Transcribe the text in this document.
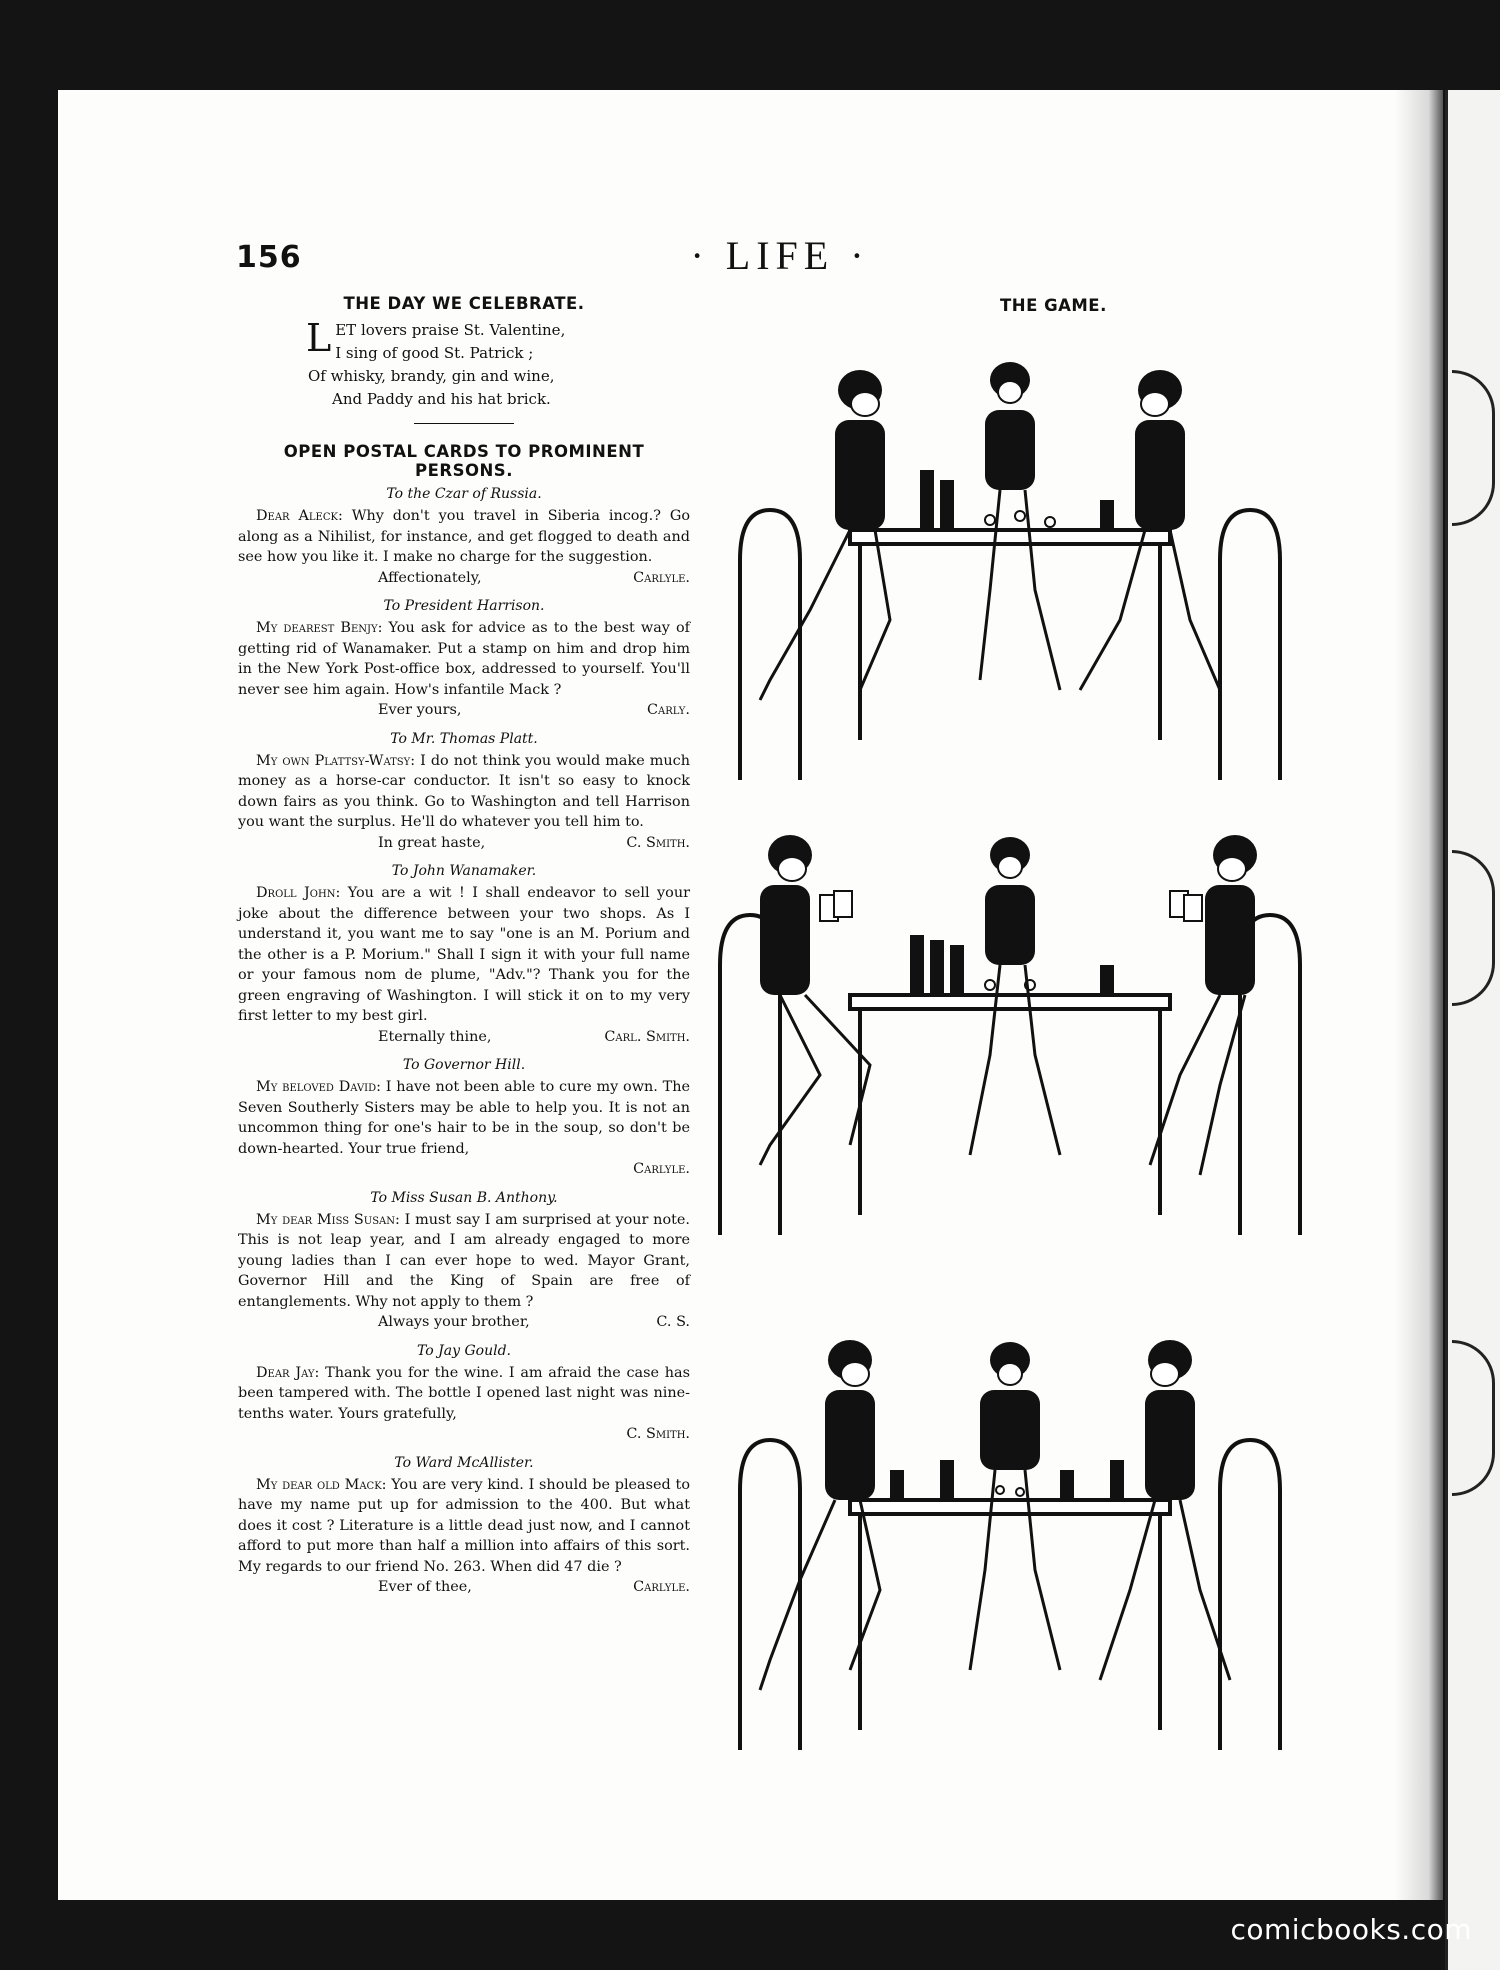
156	· LIFE ·
THE DAY WE CELEBRATE.
L ET lovers praise St. Valentine,
I sing of good St. Patrick ;
Of whisky, brandy, gin and wine,
And Paddy and his hat brick.
OPEN POSTAL CARDS TO PROMINENT PERSONS.
To the Czar of Russia.

Dear Aleck: Why don't you travel in Siberia incog.? Go along as a Nihilist, for instance, and get flogged to death and see how you like it. I make no charge for the suggestion.

Affectionately,	Carlyle.
To President Harrison.

My dearest Benjy: You ask for advice as to the best way of getting rid of Wanamaker. Put a stamp on him and drop him in the New York Post-office box, addressed to yourself. You'll never see him again. How's infantile Mack ?

Ever yours,	Carly.
To Mr. Thomas Platt.

My own Plattsy-Watsy: I do not think you would make much money as a horse-car conductor. It isn't so easy to knock down fairs as you think. Go to Washington and tell Harrison you want the surplus. He'll do whatever you tell him to.

In great haste,	C. Smith.
To John Wanamaker.

Droll John: You are a wit ! I shall endeavor to sell your joke about the difference between your two shops. As I understand it, you want me to say "one is an M. Porium and the other is a P. Morium." Shall I sign it with your full name or your famous nom de plume, "Adv."? Thank you for the green engraving of Washington. I will stick it on to my very first letter to my best girl.

Eternally thine,	Carl. Smith.
To Governor Hill.

My beloved David: I have not been able to cure my own. The Seven Southerly Sisters may be able to help you. It is not an uncommon thing for one's hair to be in the soup, so don't be down-hearted. Your true friend,

Carlyle.
To Miss Susan B. Anthony.

My dear Miss Susan: I must say I am surprised at your note. This is not leap year, and I am already engaged to more young ladies than I can ever hope to wed. Mayor Grant, Governor Hill and the King of Spain are free of entanglements. Why not apply to them ?

Always your brother,	C. S.
To Jay Gould.

Dear Jay: Thank you for the wine. I am afraid the case has been tampered with. The bottle I opened last night was nine-tenths water. Yours gratefully,

C. Smith.
To Ward McAllister.

My dear old Mack: You are very kind. I should be pleased to have my name put up for admission to the 400. But what does it cost ? Literature is a little dead just now, and I cannot afford to put more than half a million into affairs of this sort. My regards to our friend No. 263. When did 47 die ?

Ever of thee,	Carlyle.
THE GAME.
comicbooks.com
